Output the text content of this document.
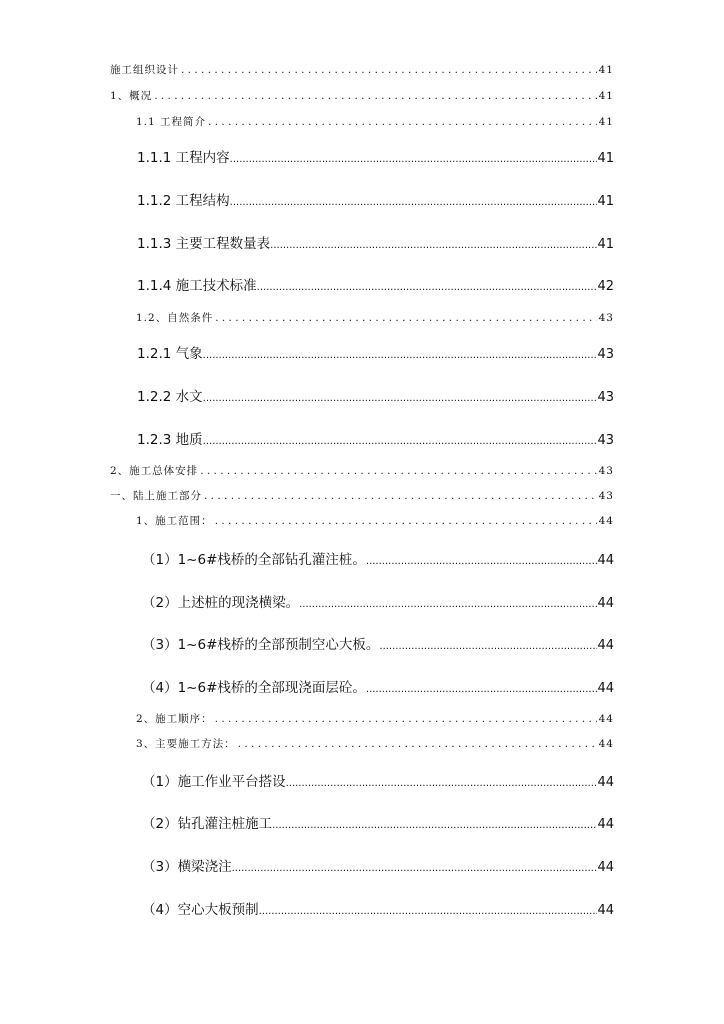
施工组织设计 . . .	41
1、概况 . . .	41
1.1 工程简介 . . .	41
1.1.1 工程内容 .....	41
1.1.2 工程结构 .....	41
1.1.3 主要工程数量表 .....	41
1.1.4 施工技术标准 .....	42
1.2、自然条件 . . .	43
1.2.1 气象 .....	43
1.2.2 水文 .....	43
1.2.3 地质 .....	43
2、施工总体安排 . . .	43
一、陆上施工部分 . . .	43
1、施工范围： . . .	44
（1）1~6#栈桥的全部钻孔灌注桩。 .....	44
（2）上述桩的现浇横梁。 .....	44
（3）1~6#栈桥的全部预制空心大板。 .....	44
（4）1~6#栈桥的全部现浇面层砼。 .....	44
2、施工顺序： . . .	44
3、主要施工方法： . . .	44
（1）施工作业平台搭设 .....	44
（2）钻孔灌注桩施工 .....	44
（3）横梁浇注 .....	44
（4）空心大板预制 .....	44
